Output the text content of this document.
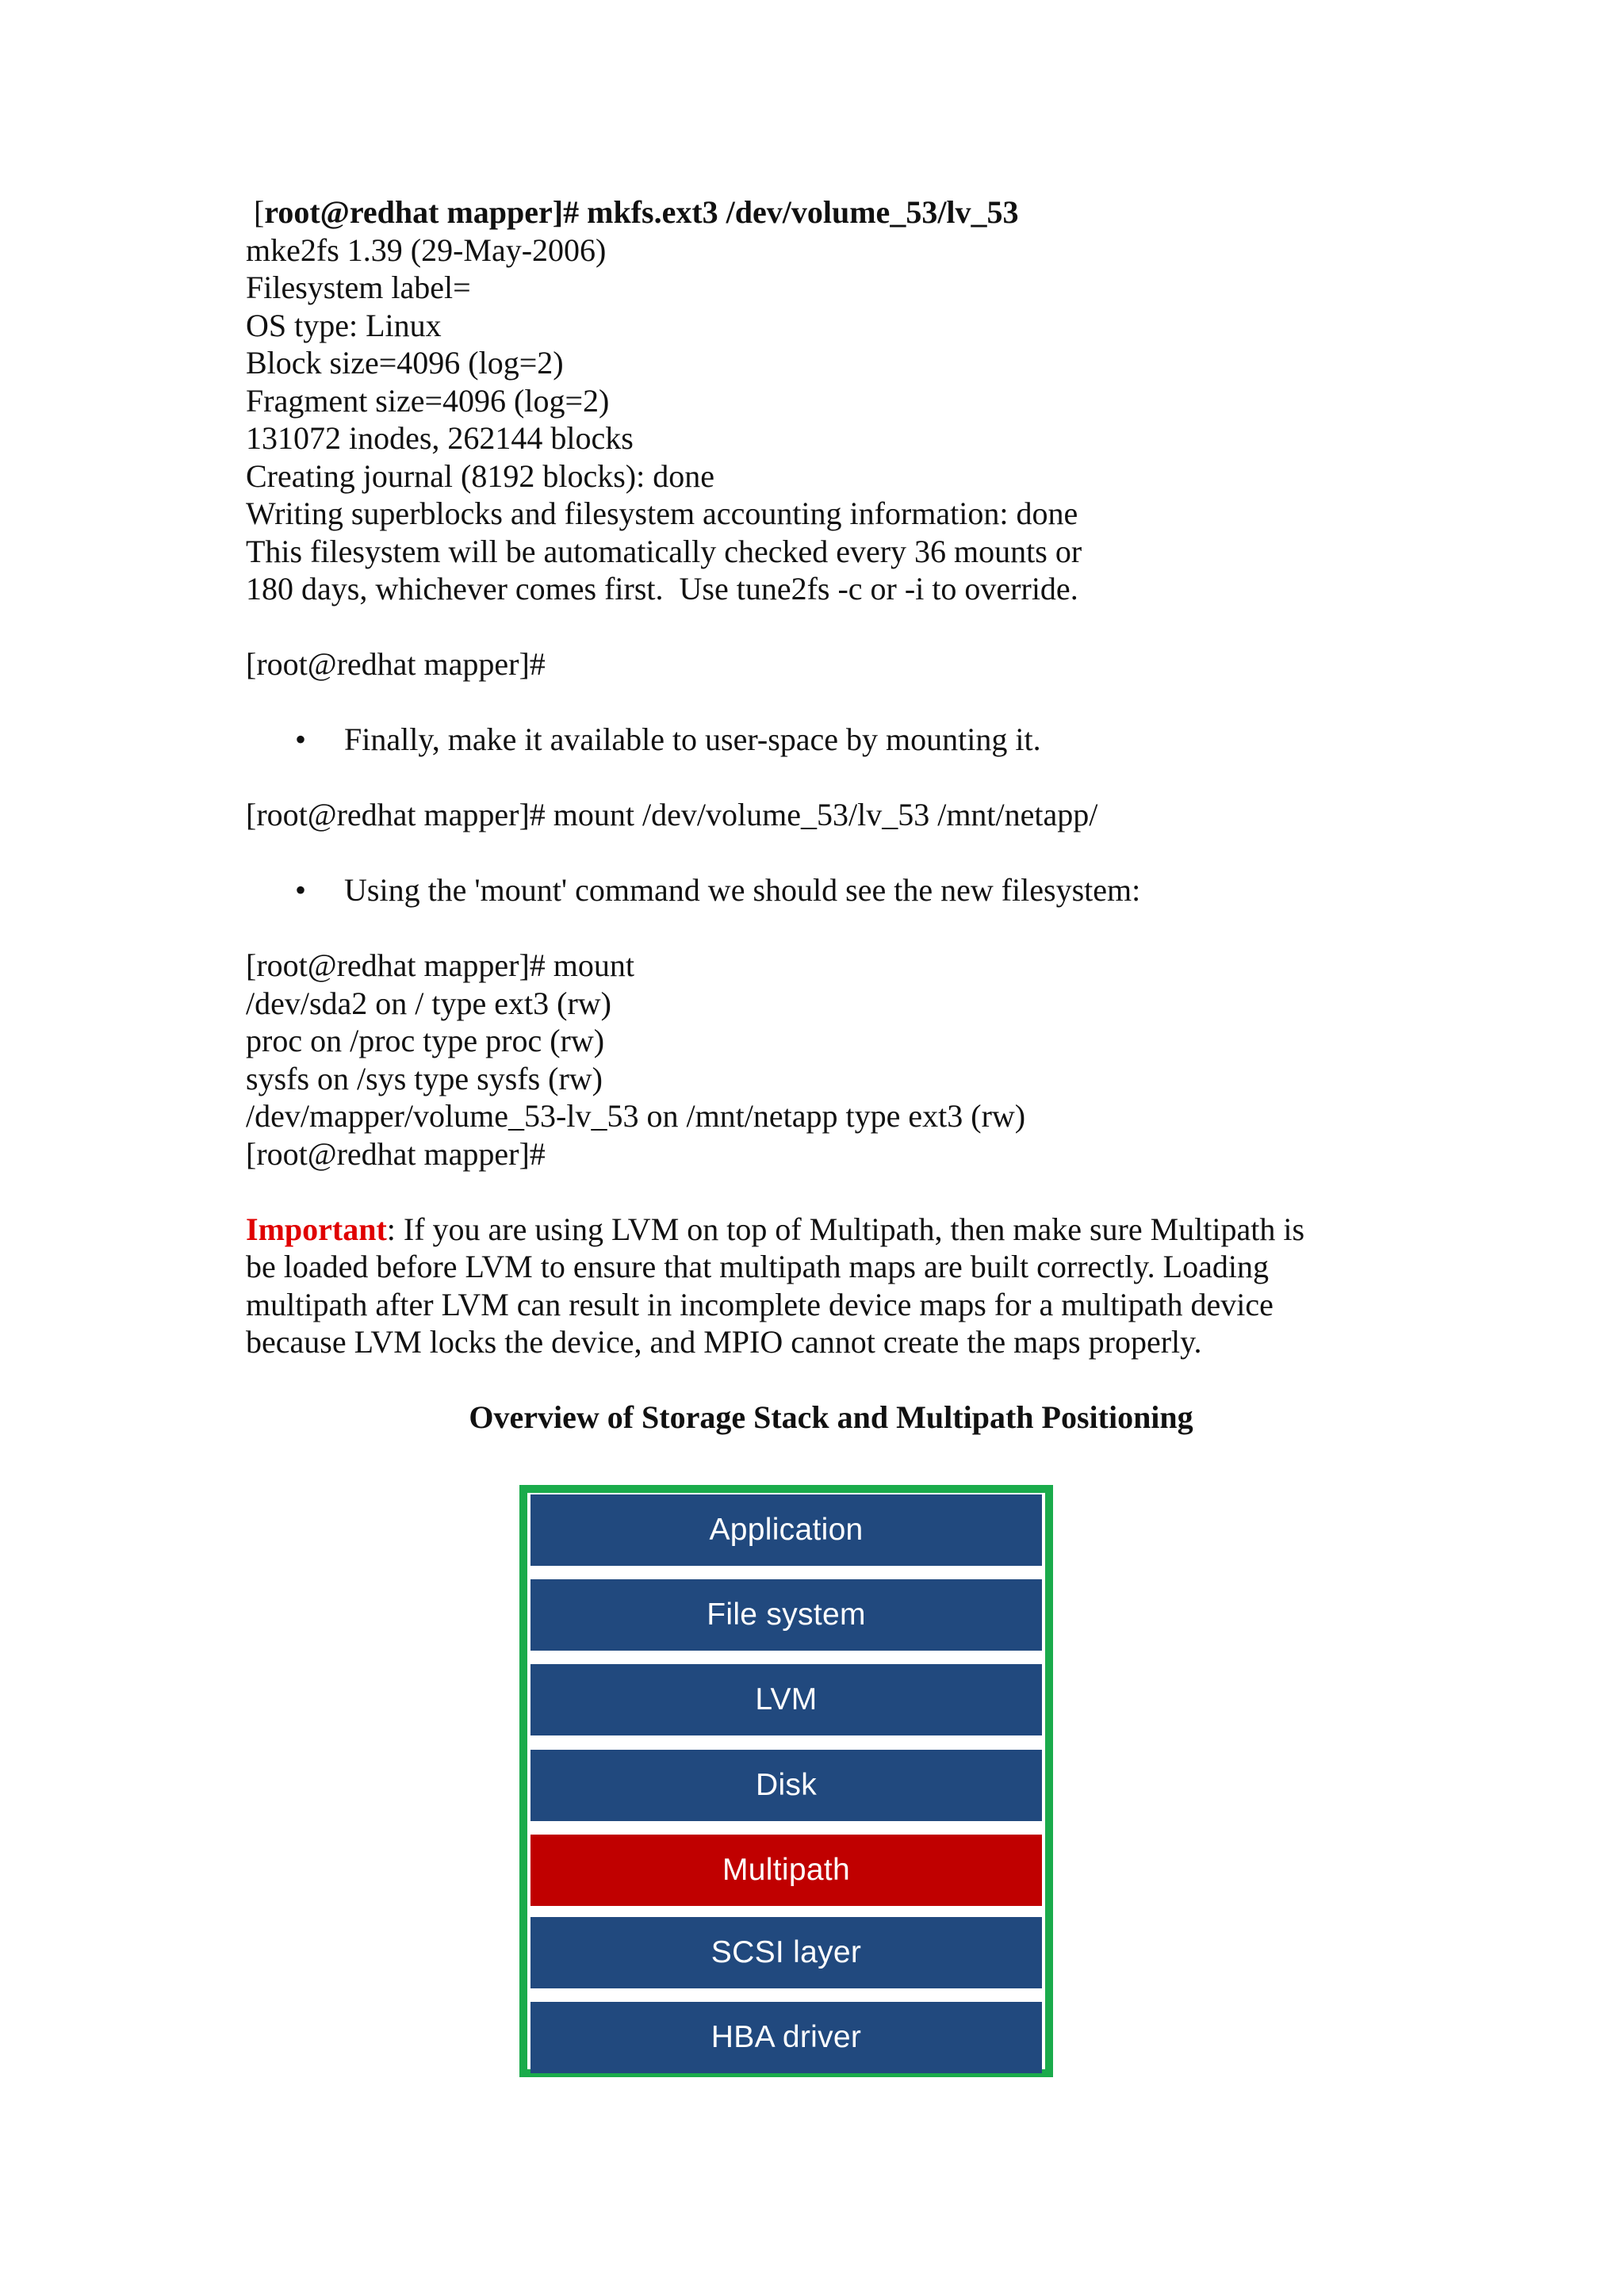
[root@redhat mapper]# mkfs.ext3 /dev/volume_53/lv_53
mke2fs 1.39 (29-May-2006)
Filesystem label=
OS type: Linux
Block size=4096 (log=2)
Fragment size=4096 (log=2)
131072 inodes, 262144 blocks
Creating journal (8192 blocks): done
Writing superblocks and filesystem accounting information: done
This filesystem will be automatically checked every 36 mounts or
180 days, whichever comes first.  Use tune2fs -c or -i to override.
[root@redhat mapper]#
• Finally, make it available to user-space by mounting it.
[root@redhat mapper]# mount /dev/volume_53/lv_53 /mnt/netapp/
• Using the 'mount' command we should see the new filesystem:
[root@redhat mapper]# mount
/dev/sda2 on / type ext3 (rw)
proc on /proc type proc (rw)
sysfs on /sys type sysfs (rw)
/dev/mapper/volume_53-lv_53 on /mnt/netapp type ext3 (rw)
[root@redhat mapper]#
Important: If you are using LVM on top of Multipath, then make sure Multipath is
be loaded before LVM to ensure that multipath maps are built correctly. Loading
multipath after LVM can result in incomplete device maps for a multipath device
because LVM locks the device, and MPIO cannot create the maps properly.
Overview of Storage Stack and Multipath Positioning
Application
File system
LVM
Disk
Multipath
SCSI layer
HBA driver
